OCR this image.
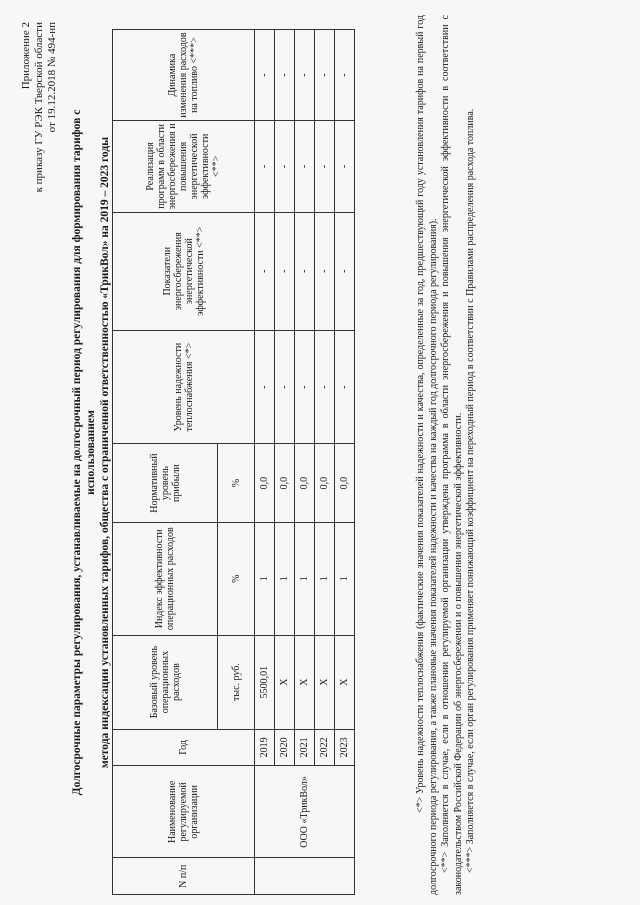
Приложение 2 к приказу ГУ РЭК Тверской области от 19.12.2018 № 494-нп
Долгосрочные параметры регулирования, устанавливаемые на долгосрочный период регулирования для формирования тарифов с использованием метода индексации установленных тарифов, общества с ограниченной ответственностью «ТрикВол» на 2019 – 2023 годы
N п/п	Наименование регулируемой организации	Год	Базовый уровень операционных расходов	Индекс эффективности операционных расходов	Нормативный уровень прибыли	Уровень надежности теплоснабжения <*>	Показатели энергосбережения энергетической эффективности <**>	Реализация программ в области энергосбережения и повышения энергетической эффективности <**>	Динамика изменения расходов на топливо <***>
			тыс. руб.	%	%				
	ООО «ТрикВол»	2019	5500,01	1	0,0	-	-	-	-
		2020	Х	1	0,0	-	-	-	-
		2021	Х	1	0,0	-	-	-	-
		2022	Х	1	0,0	-	-	-	-
		2023	Х	1	0,0	-	-	-	-	<*> Уровень надежности теплоснабжения (фактические значения показателей надежности и качества, определенные за год, предшествующий году установления тарифов на первый год долгосрочного периода регулирования, а также плановые значения показателей надежности и качества на каждый год долгосрочного периода регулирования). <**> Заполняется в случае, если в отношении регулируемой организации утверждена программа в области энергосбережения и повышения энергетической эффективности в соответствии с законодательством Российской Федерации об энергосбережении и о повышении энергетической эффективности. <***> Заполняется в случае, если орган регулирования применяет понижающий коэффициент на переходный период в соответствии с Правилами распределения расхода топлива.
